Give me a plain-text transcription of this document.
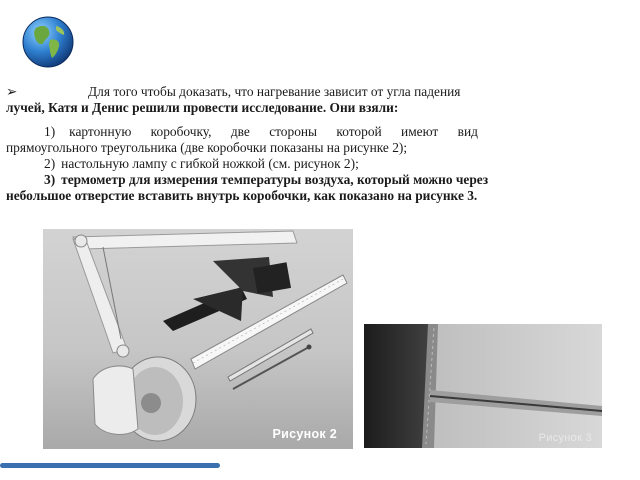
➢	Для того чтобы доказать, что нагревание зависит от угла падения

лучей, Катя и Денис решили провести исследование. Они взяли:

1) картонную коробочку, две стороны которой имеют вид

прямоугольного треугольника (две коробочки показаны на рисунке 2);

2) настольную лампу с гибкой ножкой (см. рисунок 2);

3) термометр для измерения температуры воздуха, который можно через

небольшое отверстие вставить внутрь коробочки, как показано на рисунке 3.

Рисунок 2	Рисунок 3
